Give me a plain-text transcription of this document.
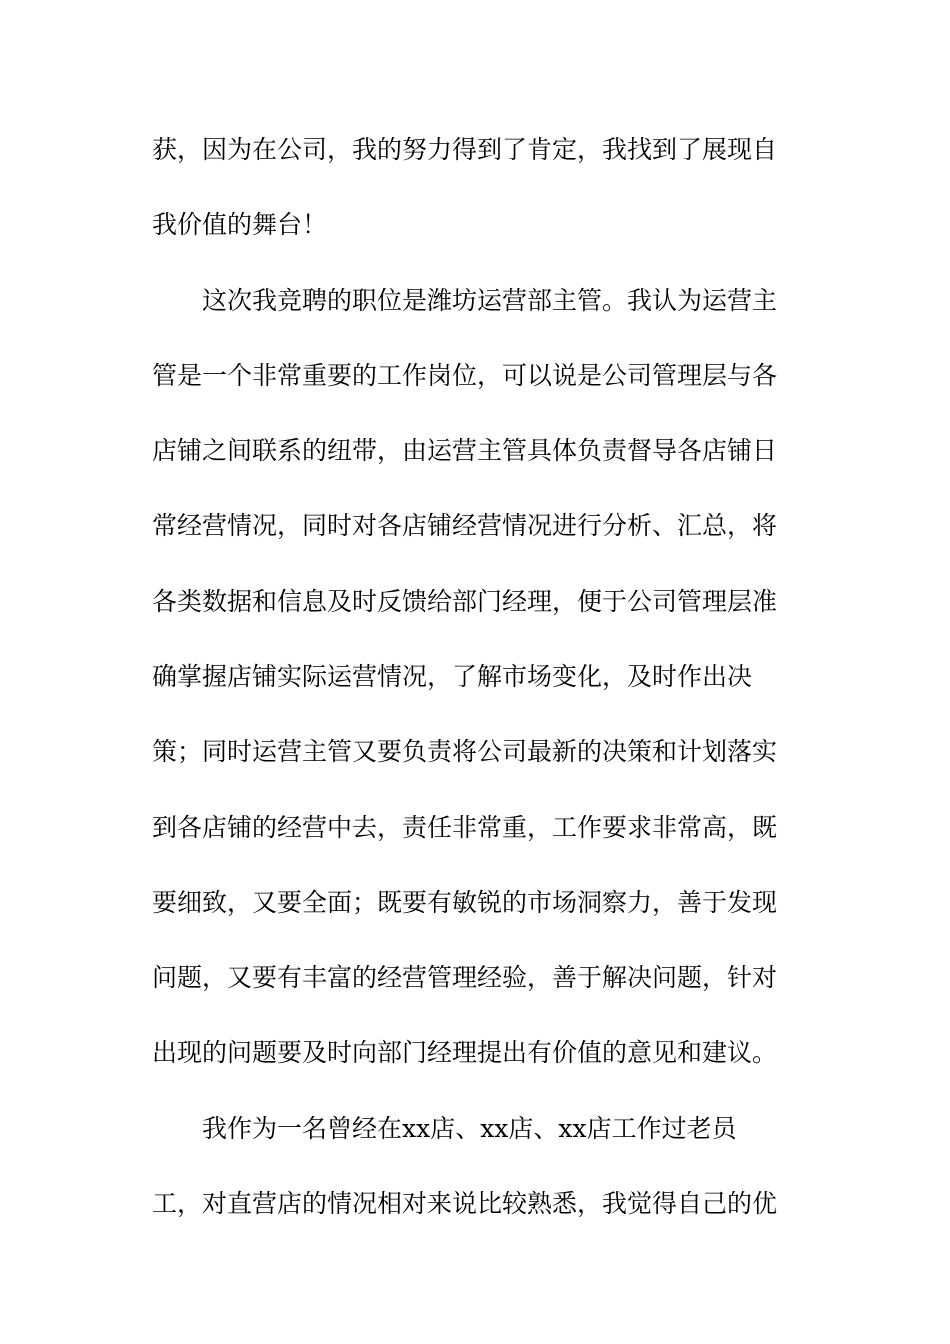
获，因为在公司，我的努力得到了肯定，我找到了展现自
我价值的舞台！
这次我竞聘的职位是潍坊运营部主管。我认为运营主
管是一个非常重要的工作岗位，可以说是公司管理层与各
店铺之间联系的纽带，由运营主管具体负责督导各店铺日
常经营情况，同时对各店铺经营情况进行分析、汇总，将
各类数据和信息及时反馈给部门经理，便于公司管理层准
确掌握店铺实际运营情况，了解市场变化，及时作出决
策；同时运营主管又要负责将公司最新的决策和计划落实
到各店铺的经营中去，责任非常重，工作要求非常高，既
要细致，又要全面；既要有敏锐的市场洞察力，善于发现
问题，又要有丰富的经营管理经验，善于解决问题，针对
出现的问题要及时向部门经理提出有价值的意见和建议。
我作为一名曾经在xx店、xx店、xx店工作过老员
工，对直营店的情况相对来说比较熟悉，我觉得自己的优
